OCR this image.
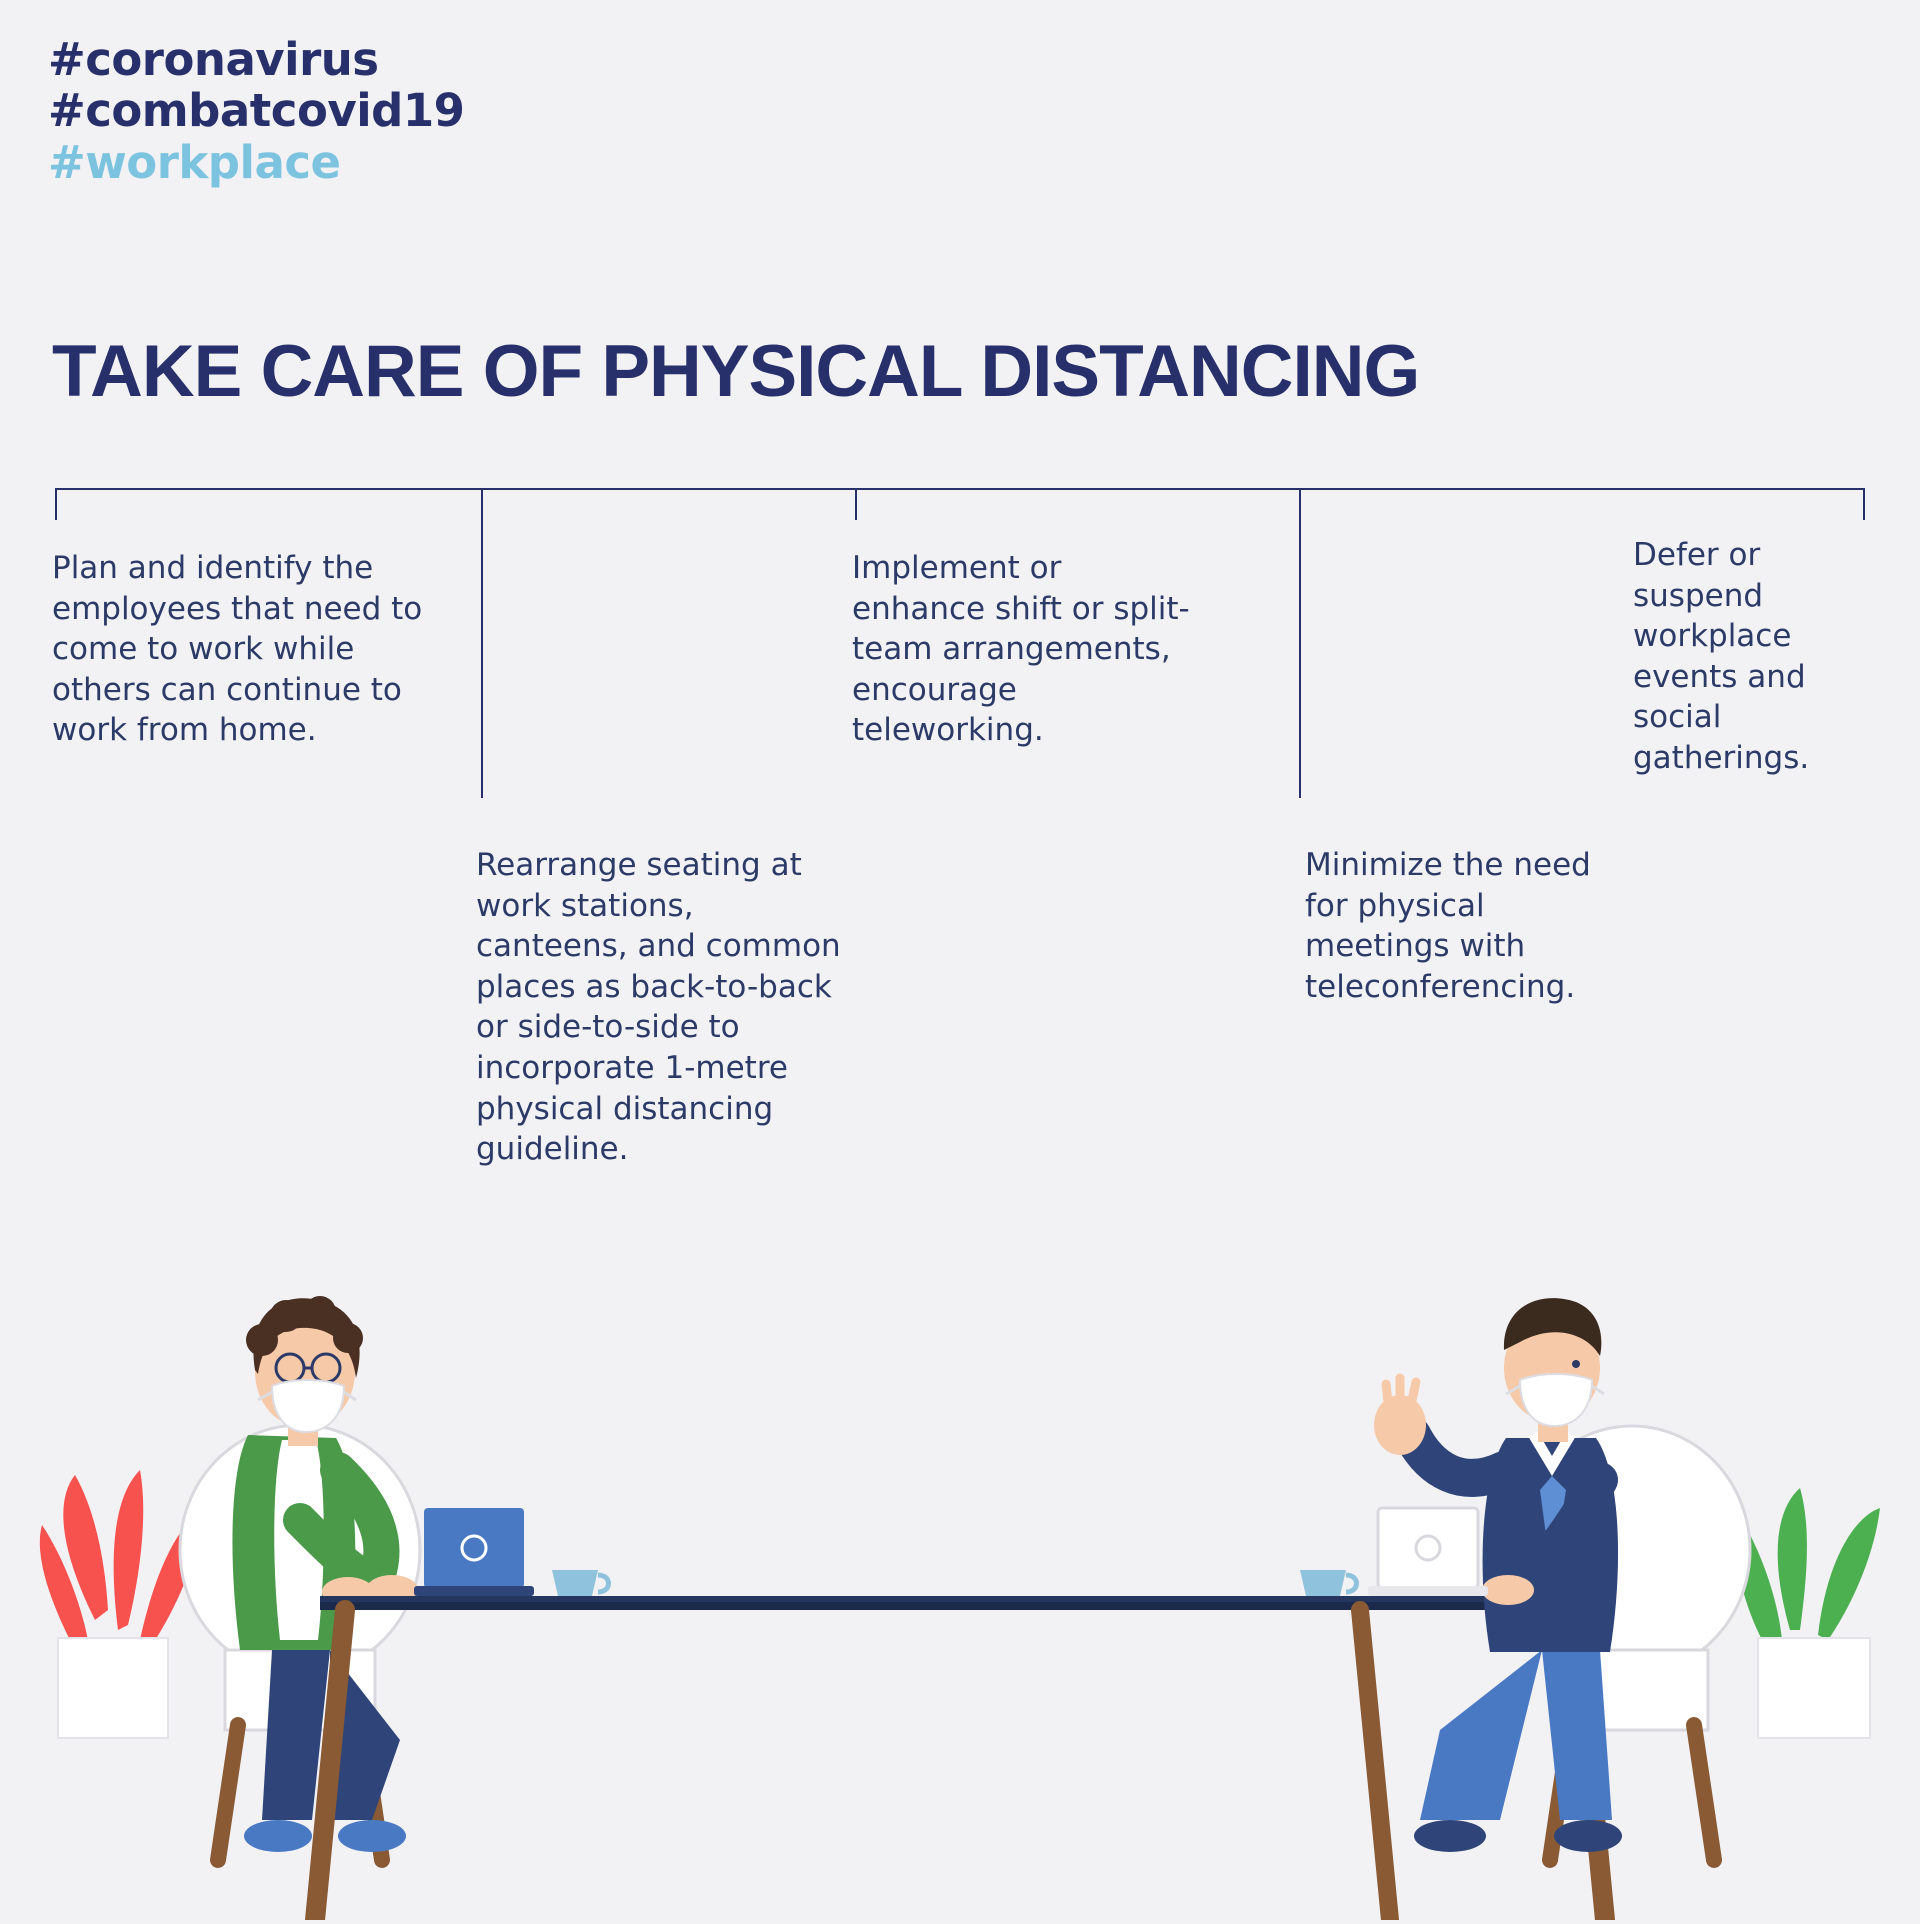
#coronavirus
#combatcovid19
#workplace
TAKE CARE OF PHYSICAL DISTANCING
Plan and identify the employees that need to come to work while others can continue to work from home.
Rearrange seating at work stations, canteens, and common places as back-to-back or side-to-side to incorporate 1-metre physical distancing guideline.
Implement or enhance shift or split-team arrangements, encourage teleworking.
Minimize the need for physical meetings with teleconferencing.
Defer or suspend workplace events and social gatherings.
